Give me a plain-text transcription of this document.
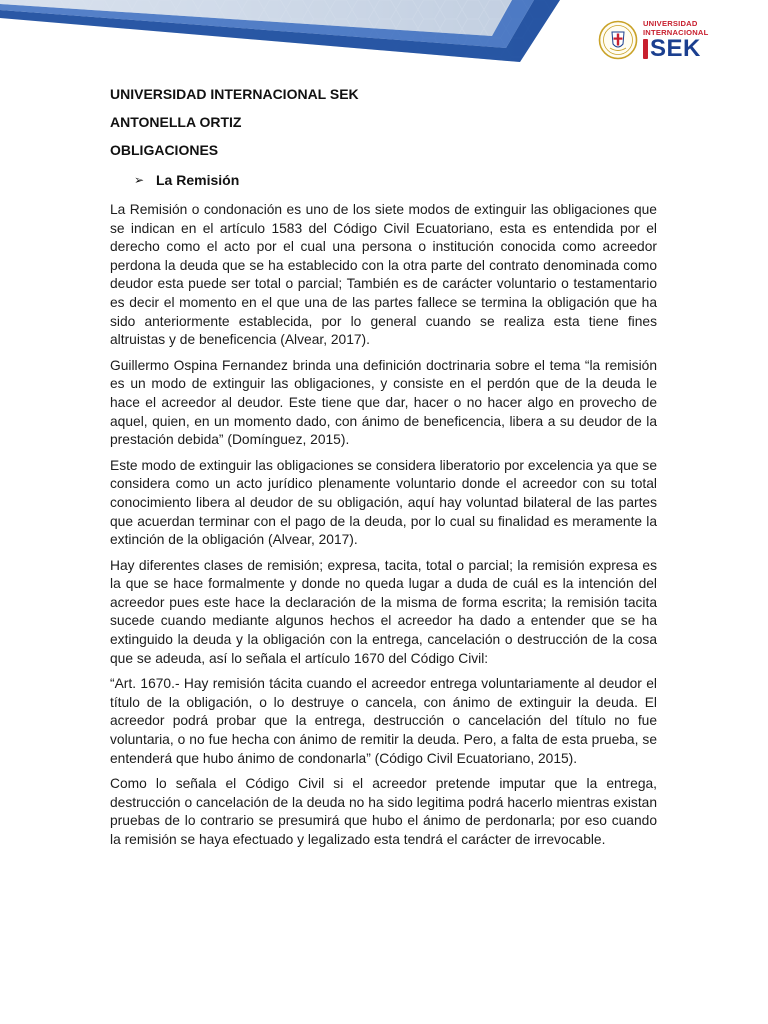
UNIVERSIDAD
INTERNACIONAL
SEK
UNIVERSIDAD INTERNACIONAL SEK
ANTONELLA ORTIZ
OBLIGACIONES
➢ La Remisión

La Remisión o condonación es uno de los siete modos de extinguir las obligaciones que se indican en el artículo 1583 del Código Civil Ecuatoriano, esta es entendida por el derecho como el acto por el cual una persona o institución conocida como acreedor perdona la deuda que se ha establecido con la otra parte del contrato denominada como deudor esta puede ser total o parcial; También es de carácter voluntario o testamentario es decir el momento en el que una de las partes fallece se termina la obligación que ha sido anteriormente establecida, por lo general cuando se realiza esta tiene fines altruistas y de beneficencia (Alvear, 2017).

Guillermo Ospina Fernandez brinda una definición doctrinaria sobre el tema “la remisión es un modo de extinguir las obligaciones, y consiste en el perdón que de la deuda le hace el acreedor al deudor. Este tiene que dar, hacer o no hacer algo en provecho de aquel, quien, en un momento dado, con ánimo de beneficencia, libera a su deudor de la prestación debida” (Domínguez, 2015).

Este modo de extinguir las obligaciones se considera liberatorio por excelencia ya que se considera como un acto jurídico plenamente voluntario donde el acreedor con su total conocimiento libera al deudor de su obligación, aquí hay voluntad bilateral de las partes que acuerdan terminar con el pago de la deuda, por lo cual su finalidad es meramente la extinción de la obligación (Alvear, 2017).

Hay diferentes clases de remisión; expresa, tacita, total o parcial; la remisión expresa es la que se hace formalmente y donde no queda lugar a duda de cuál es la intención del acreedor pues este hace la declaración de la misma de forma escrita; la remisión tacita sucede cuando mediante algunos hechos el acreedor ha dado a entender que se ha extinguido la deuda y la obligación con la entrega, cancelación o destrucción de la cosa que se adeuda, así lo señala el artículo 1670 del Código Civil:

“Art. 1670.- Hay remisión tácita cuando el acreedor entrega voluntariamente al deudor el título de la obligación, o lo destruye o cancela, con ánimo de extinguir la deuda. El acreedor podrá probar que la entrega, destrucción o cancelación del título no fue voluntaria, o no fue hecha con ánimo de remitir la deuda. Pero, a falta de esta prueba, se entenderá que hubo ánimo de condonarla” (Código Civil Ecuatoriano, 2015).

Como lo señala el Código Civil si el acreedor pretende imputar que la entrega, destrucción o cancelación de la deuda no ha sido legitima podrá hacerlo mientras existan pruebas de lo contrario se presumirá que hubo el ánimo de perdonarla; por eso cuando la remisión se haya efectuado y legalizado esta tendrá el carácter de irrevocable.
